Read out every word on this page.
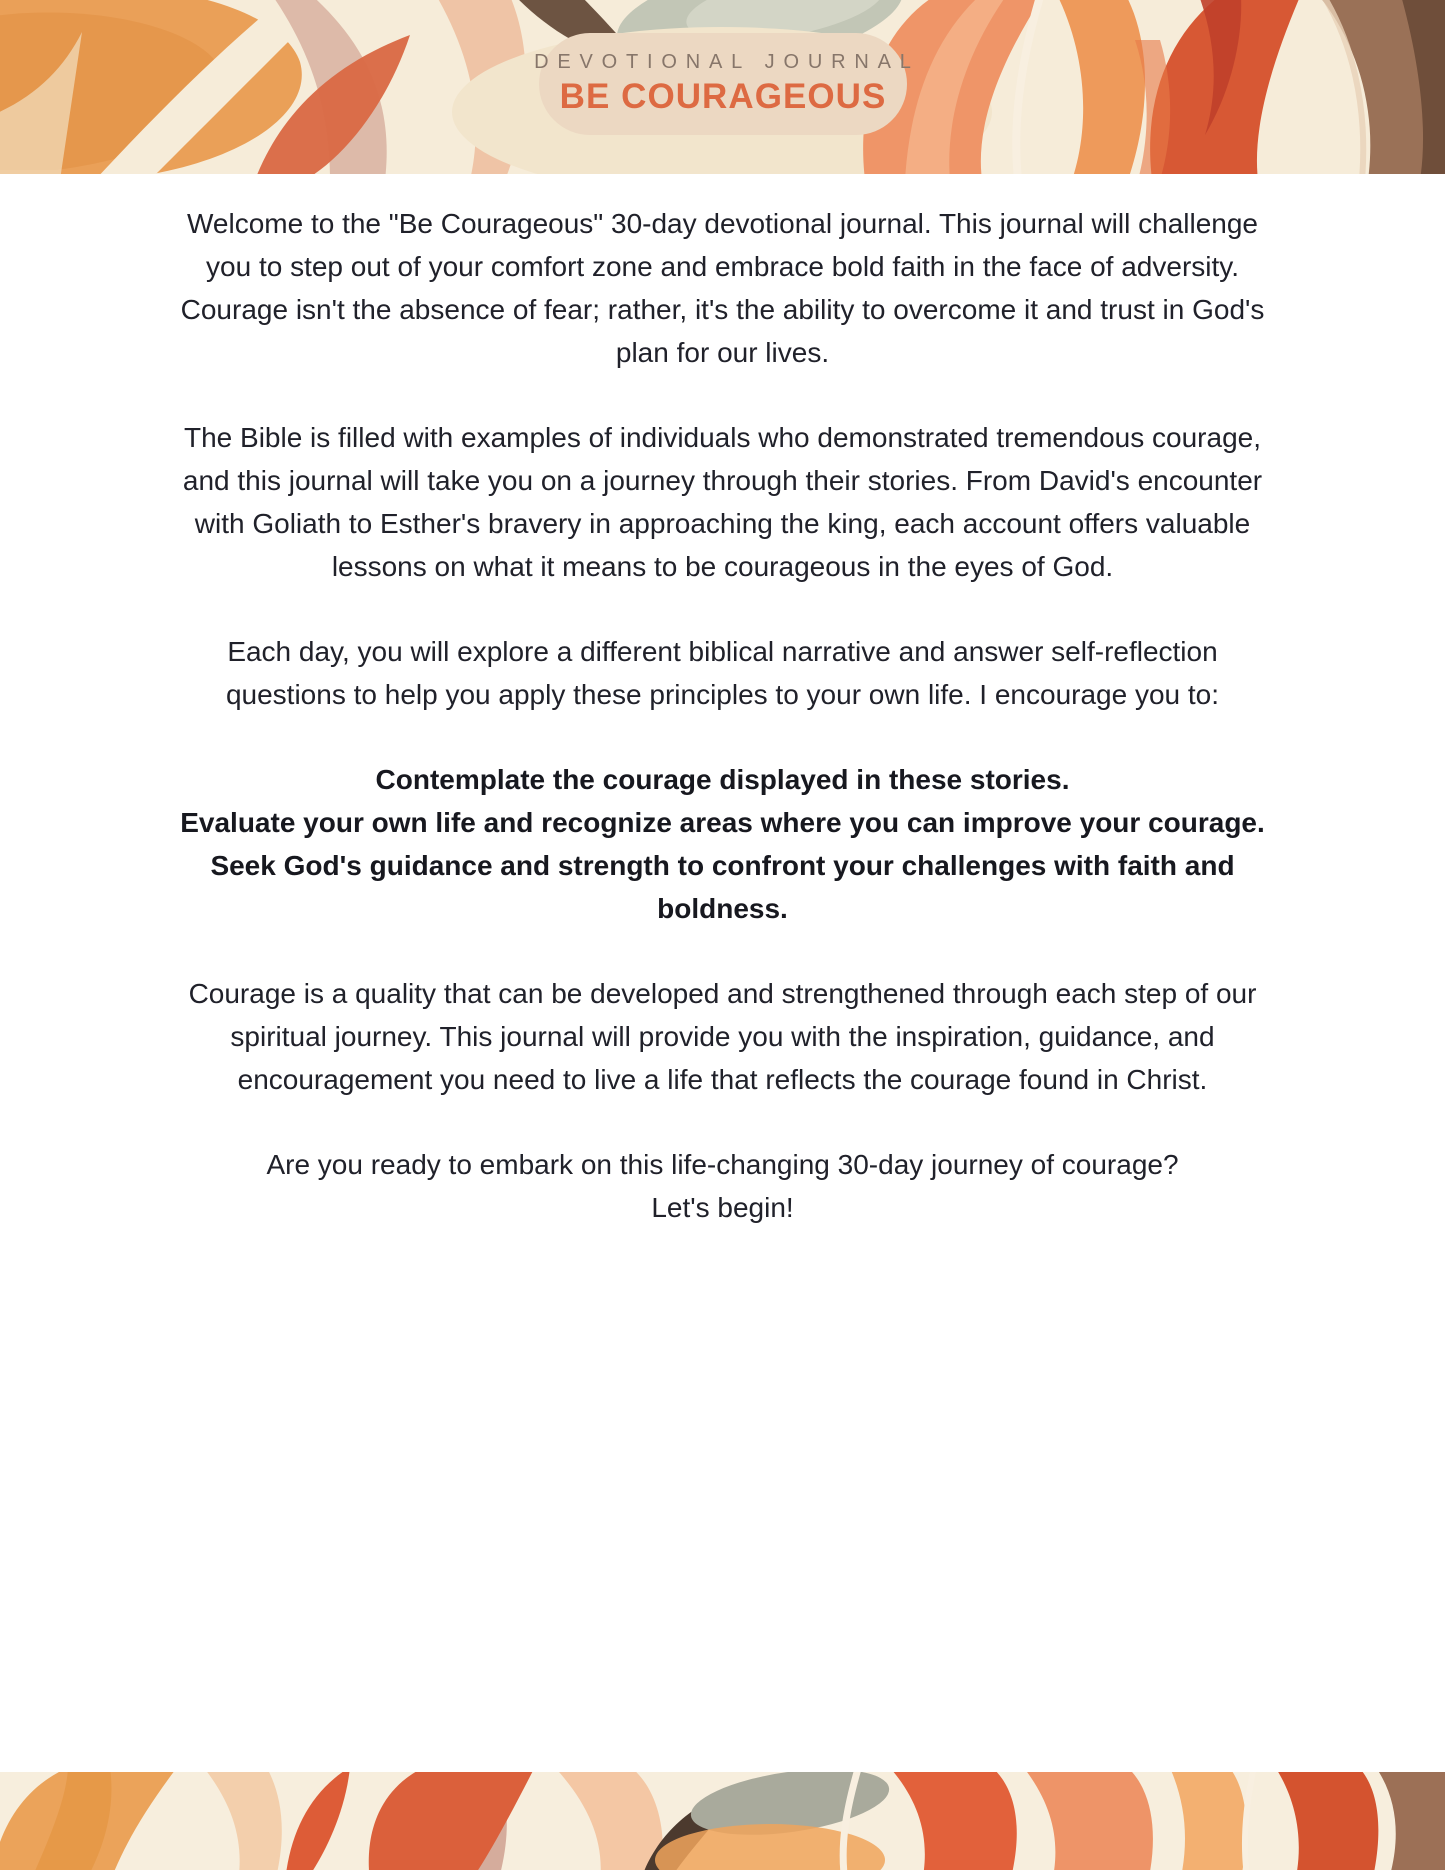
DEVOTIONAL JOURNAL
BE COURAGEOUS

Welcome to the "Be Courageous" 30-day devotional journal. This journal will challenge you to step out of your comfort zone and embrace bold faith in the face of adversity. Courage isn't the absence of fear; rather, it's the ability to overcome it and trust in God's plan for our lives.

The Bible is filled with examples of individuals who demonstrated tremendous courage, and this journal will take you on a journey through their stories. From David's encounter with Goliath to Esther's bravery in approaching the king, each account offers valuable lessons on what it means to be courageous in the eyes of God.

Each day, you will explore a different biblical narrative and answer self-reflection questions to help you apply these principles to your own life. I encourage you to:

Contemplate the courage displayed in these stories.
Evaluate your own life and recognize areas where you can improve your courage.
Seek God's guidance and strength to confront your challenges with faith and boldness.

Courage is a quality that can be developed and strengthened through each step of our spiritual journey. This journal will provide you with the inspiration, guidance, and encouragement you need to live a life that reflects the courage found in Christ.

Are you ready to embark on this life-changing 30-day journey of courage?
Let's begin!
